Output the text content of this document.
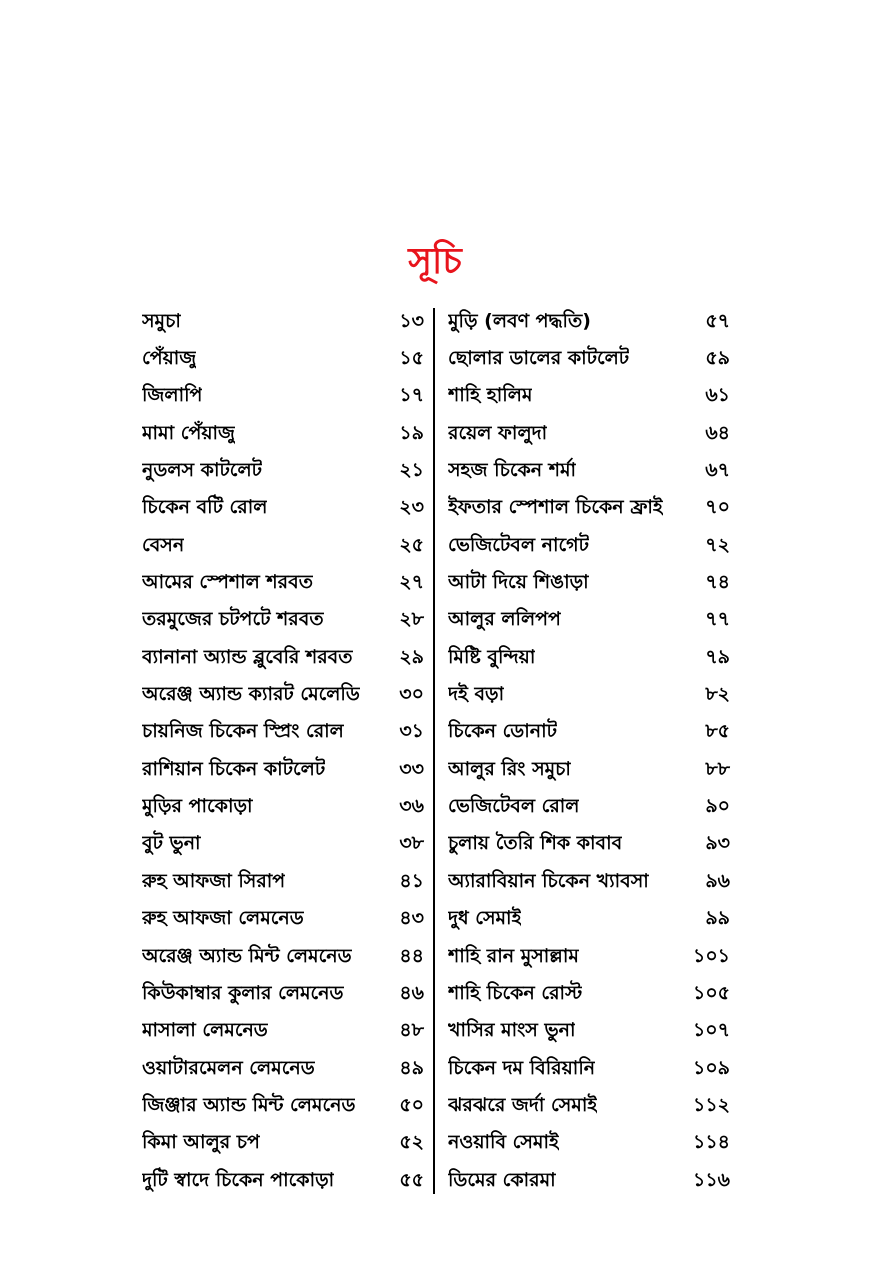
সূচি
সমুচা	১৩
পেঁয়াজু	১৫
জিলাপি	১৭
মামা পেঁয়াজু	১৯
নুডলস কাটলেট	২১
চিকেন বটি রোল	২৩
বেসন	২৫
আমের স্পেশাল শরবত	২৭
তরমুজের চটপটে শরবত	২৮
ব্যানানা অ্যান্ড ব্লুবেরি শরবত ২৯
অরেঞ্জ অ্যান্ড ক্যারট মেলেডি ৩০
চায়নিজ চিকেন স্প্রিং রোল	৩১
রাশিয়ান চিকেন কাটলেট	৩৩
মুড়ির পাকোড়া	৩৬
বুট ভুনা	৩৮
রুহ আফজা সিরাপ	৪১
রুহ আফজা লেমনেড	৪৩
অরেঞ্জ অ্যান্ড মিন্ট লেমনেড	৪৪
কিউকাম্বার কুলার লেমনেড	৪৬
মাসালা লেমনেড	৪৮
ওয়াটারমেলন লেমনেড	৪৯
জিঞ্জার অ্যান্ড মিন্ট লেমনেড ৫০
কিমা আলুর চপ	৫২
দুটি স্বাদে চিকেন পাকোড়া	৫৫
মুড়ি (লবণ পদ্ধতি)	৫৭
ছোলার ডালের কাটলেট	৫৯
শাহি হালিম	৬১
রয়েল ফালুদা	৬৪
সহজ চিকেন শর্মা	৬৭
ইফতার স্পেশাল চিকেন ফ্রাই ৭০
ভেজিটেবল নাগেট	৭২
আটা দিয়ে শিঙাড়া	৭৪
আলুর ললিপপ	৭৭
মিষ্টি বুন্দিয়া	৭৯
দই বড়া	৮২
চিকেন ডোনাট	৮৫
আলুর রিং সমুচা	৮৮
ভেজিটেবল রোল	৯০
চুলায় তৈরি শিক কাবাব	৯৩
অ্যারাবিয়ান চিকেন খ্যাবসা	৯৬
দুধ সেমাই	৯৯
শাহি রান মুসাল্লাম	১০১
শাহি চিকেন রোস্ট	১০৫
খাসির মাংস ভুনা	১০৭
চিকেন দম বিরিয়ানি	১০৯
ঝরঝরে জর্দা সেমাই	১১২
নওয়াবি সেমাই	১১৪
ডিমের কোরমা	১১৬
